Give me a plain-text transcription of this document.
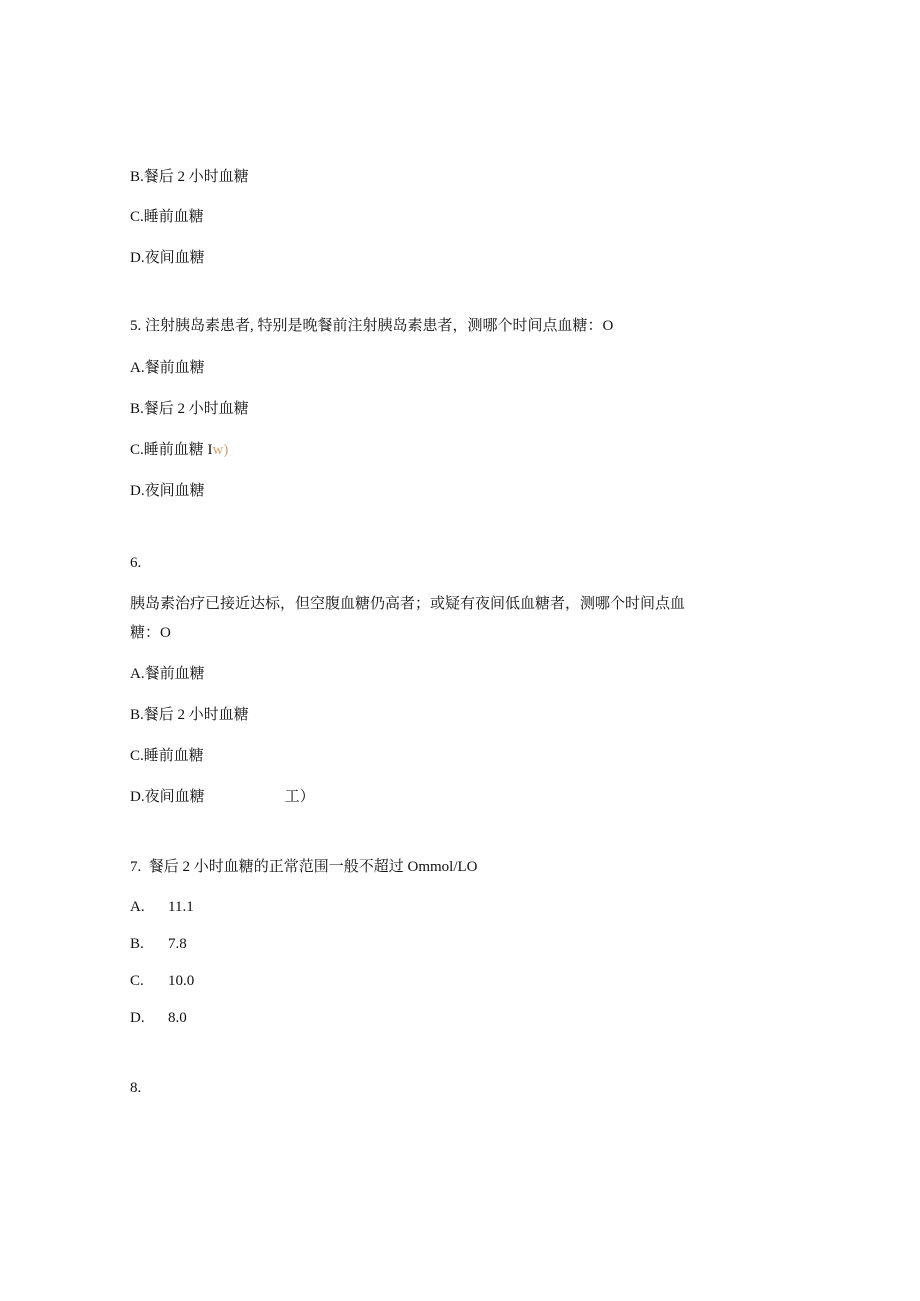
B.餐后 2 小时血糖
C.睡前血糖
D.夜间血糖
5. 注射胰岛素患者, 特别是晚餐前注射胰岛素患者，测哪个时间点血糖：O
A.餐前血糖
B.餐后 2 小时血糖
C.睡前血糖 Iw)
D.夜间血糖
6.
胰岛素治疗已接近达标，但空腹血糖仍高者；或疑有夜间低血糖者，测哪个时间点血
糖：O
A.餐前血糖
B.餐后 2 小时血糖
C.睡前血糖
D.夜间血糖	工）
7.  餐后 2 小时血糖的正常范围一般不超过 Ommol/LO
A. 11.1
B. 7.8
C. 10.0
D. 8.0
8.
